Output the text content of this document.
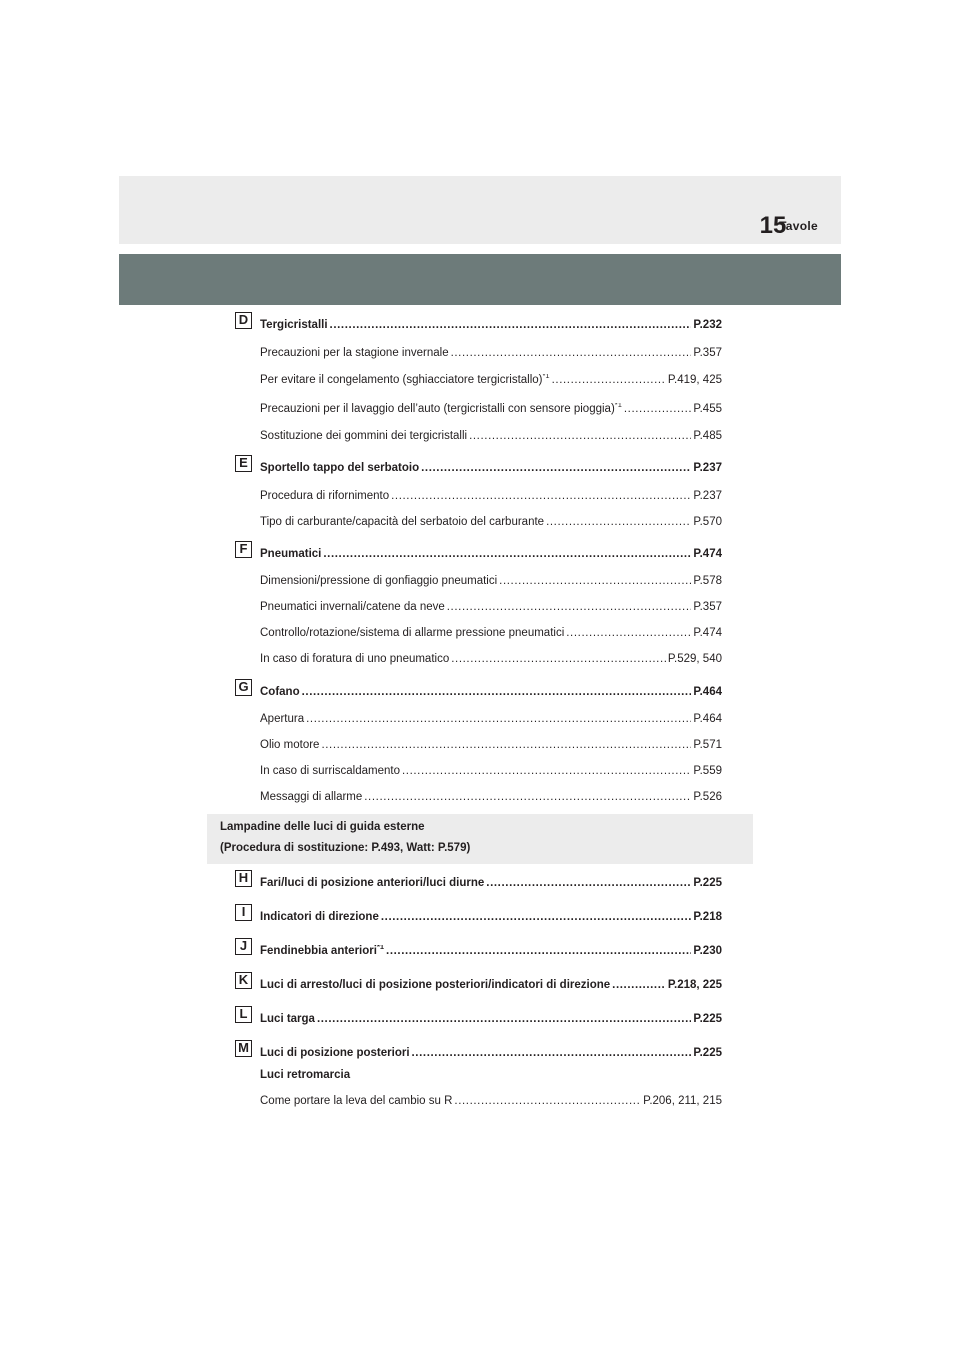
Tavole
15
D	Tergicristalli .....	P.232
Precauzioni per la stagione invernale .....	P.357
Per evitare il congelamento (sghiacciatore tergicristallo)$^{*1}$ .....	P.419, 425
Precauzioni per il lavaggio dell’auto (tergicristalli con sensore pioggia)$^{*1}$ .....	P.455
Sostituzione dei gommini dei tergicristalli .....	P.485
E	Sportello tappo del serbatoio .....	P.237
Procedura di rifornimento .....	P.237
Tipo di carburante/capacità del serbatoio del carburante .....	P.570
F	Pneumatici .....	P.474
Dimensioni/pressione di gonfiaggio pneumatici .....	P.578
Pneumatici invernali/catene da neve .....	P.357
Controllo/rotazione/sistema di allarme pressione pneumatici .....	P.474
In caso di foratura di uno pneumatico .....	P.529, 540
G Cofano .....	P.464
Apertura .....	P.464
Olio motore .....	P.571
In caso di surriscaldamento .....	P.559
Messaggi di allarme .....	P.526
H	Fari/luci di posizione anteriori/luci diurne .....	P.225
I	Indicatori di direzione .....	P.218
J	Fendinebbia anteriori$^{*1}$ .....	P.230
K	Luci di arresto/luci di posizione posteriori/indicatori di direzione .....	P.218, 225
L	Luci targa .....	P.225
M Luci di posizione posteriori .....	P.225
Luci retromarcia
Come portare la leva del cambio su R .....	P.206, 211, 215
Lampadine delle luci di guida esterne
(Procedura di sostituzione: P.493, Watt: P.579)
